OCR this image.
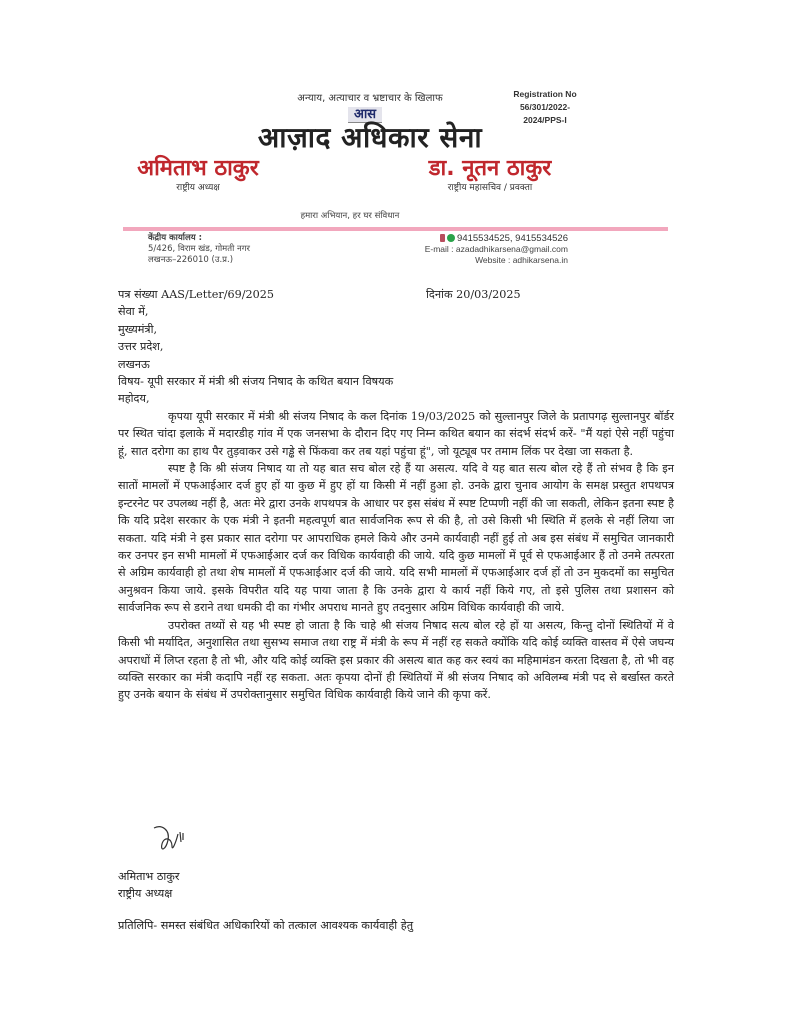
अन्याय, अत्याचार व भ्रष्टाचार के खिलाफ	Registration No
56/301/2022-2024/PPS-I
आस
आज़ाद अधिकार सेना
अमिताभ ठाकुर
राष्ट्रीय अध्यक्ष
डा. नूतन ठाकुर
राष्ट्रीय महासचिव / प्रवक्ता
हमारा अभियान, हर घर संविधान
केंद्रीय कार्यालय :
5/426, विराम खंड, गोमती नगर
लखनऊ–226010 (उ.प्र.)
9415534525, 9415534526
E-mail : azadadhikarsena@gmail.com
Website : adhikarsena.in
पत्र संख्या AAS/Letter/69/2025	दिनांक 20/03/2025

सेवा में,

मुख्यमंत्री,

उत्तर प्रदेश,

लखनऊ

विषय- यूपी सरकार में मंत्री श्री संजय निषाद के कथित बयान विषयक

महोदय,

कृपया यूपी सरकार में मंत्री श्री संजय निषाद के कल दिनांक 19/03/2025 को सुल्तानपुर जिले के प्रतापगढ़ सुल्तानपुर बॉर्डर पर स्थित चांदा इलाके में मदारडीह गांव में एक जनसभा के दौरान दिए गए निम्न कथित बयान का संदर्भ संदर्भ करें- "मैं यहां ऐसे नहीं पहुंचा हूं, सात दरोगा का हाथ पैर तुड़वाकर उसे गड्ढे से फिंकवा कर तब यहां पहुंचा हूं", जो यूट्यूब पर तमाम लिंक पर देखा जा सकता है.

स्पष्ट है कि श्री संजय निषाद या तो यह बात सच बोल रहे हैं या असत्य. यदि वे यह बात सत्य बोल रहे हैं तो संभव है कि इन सातों मामलों में एफआईआर दर्ज हुए हों या कुछ में हुए हों या किसी में नहीं हुआ हो. उनके द्वारा चुनाव आयोग के समक्ष प्रस्तुत शपथपत्र इन्टरनेट पर उपलब्ध नहीं है, अतः मेरे द्वारा उनके शपथपत्र के आधार पर इस संबंध में स्पष्ट टिप्पणी नहीं की जा सकती, लेकिन इतना स्पष्ट है कि यदि प्रदेश सरकार के एक मंत्री ने इतनी महत्वपूर्ण बात सार्वजनिक रूप से की है, तो उसे किसी भी स्थिति में हलके से नहीं लिया जा सकता. यदि मंत्री ने इस प्रकार सात दरोगा पर आपराधिक हमले किये और उनमे कार्यवाही नहीं हुई तो अब इस संबंध में समुचित जानकारी कर उनपर इन सभी मामलों में एफआईआर दर्ज कर विधिक कार्यवाही की जाये. यदि कुछ मामलों में पूर्व से एफआईआर हैं तो उनमे तत्परता से अग्रिम कार्यवाही हो तथा शेष मामलों में एफआईआर दर्ज की जाये. यदि सभी मामलों में एफआईआर दर्ज हों तो उन मुकदमों का समुचित अनुश्रवन किया जाये. इसके विपरीत यदि यह पाया जाता है कि उनके द्वारा ये कार्य नहीं किये गए, तो इसे पुलिस तथा प्रशासन को सार्वजनिक रूप से डराने तथा धमकी दी का गंभीर अपराध मानते हुए तदनुसार अग्रिम विधिक कार्यवाही की जाये.

उपरोक्त तथ्यों से यह भी स्पष्ट हो जाता है कि चाहे श्री संजय निषाद सत्य बोल रहे हों या असत्य, किन्तु दोनों स्थितियों में वे किसी भी मर्यादित, अनुशासित तथा सुसभ्य समाज तथा राष्ट्र में मंत्री के रूप में नहीं रह सकते क्योंकि यदि कोई व्यक्ति वास्तव में ऐसे जघन्य अपराधों में लिप्त रहता है तो भी, और यदि कोई व्यक्ति इस प्रकार की असत्य बात कह कर स्वयं का महिमामंडन करता दिखता है, तो भी वह व्यक्ति सरकार का मंत्री कदापि नहीं रह सकता. अतः कृपया दोनों ही स्थितियों में श्री संजय निषाद को अविलम्ब मंत्री पद से बर्खास्त करते हुए उनके बयान के संबंध में उपरोक्तानुसार समुचित विधिक कार्यवाही किये जाने की कृपा करें.

अमिताभ ठाकुर
राष्ट्रीय अध्यक्ष
प्रतिलिपि- समस्त संबंधित अधिकारियों को तत्काल आवश्यक कार्यवाही हेतु
